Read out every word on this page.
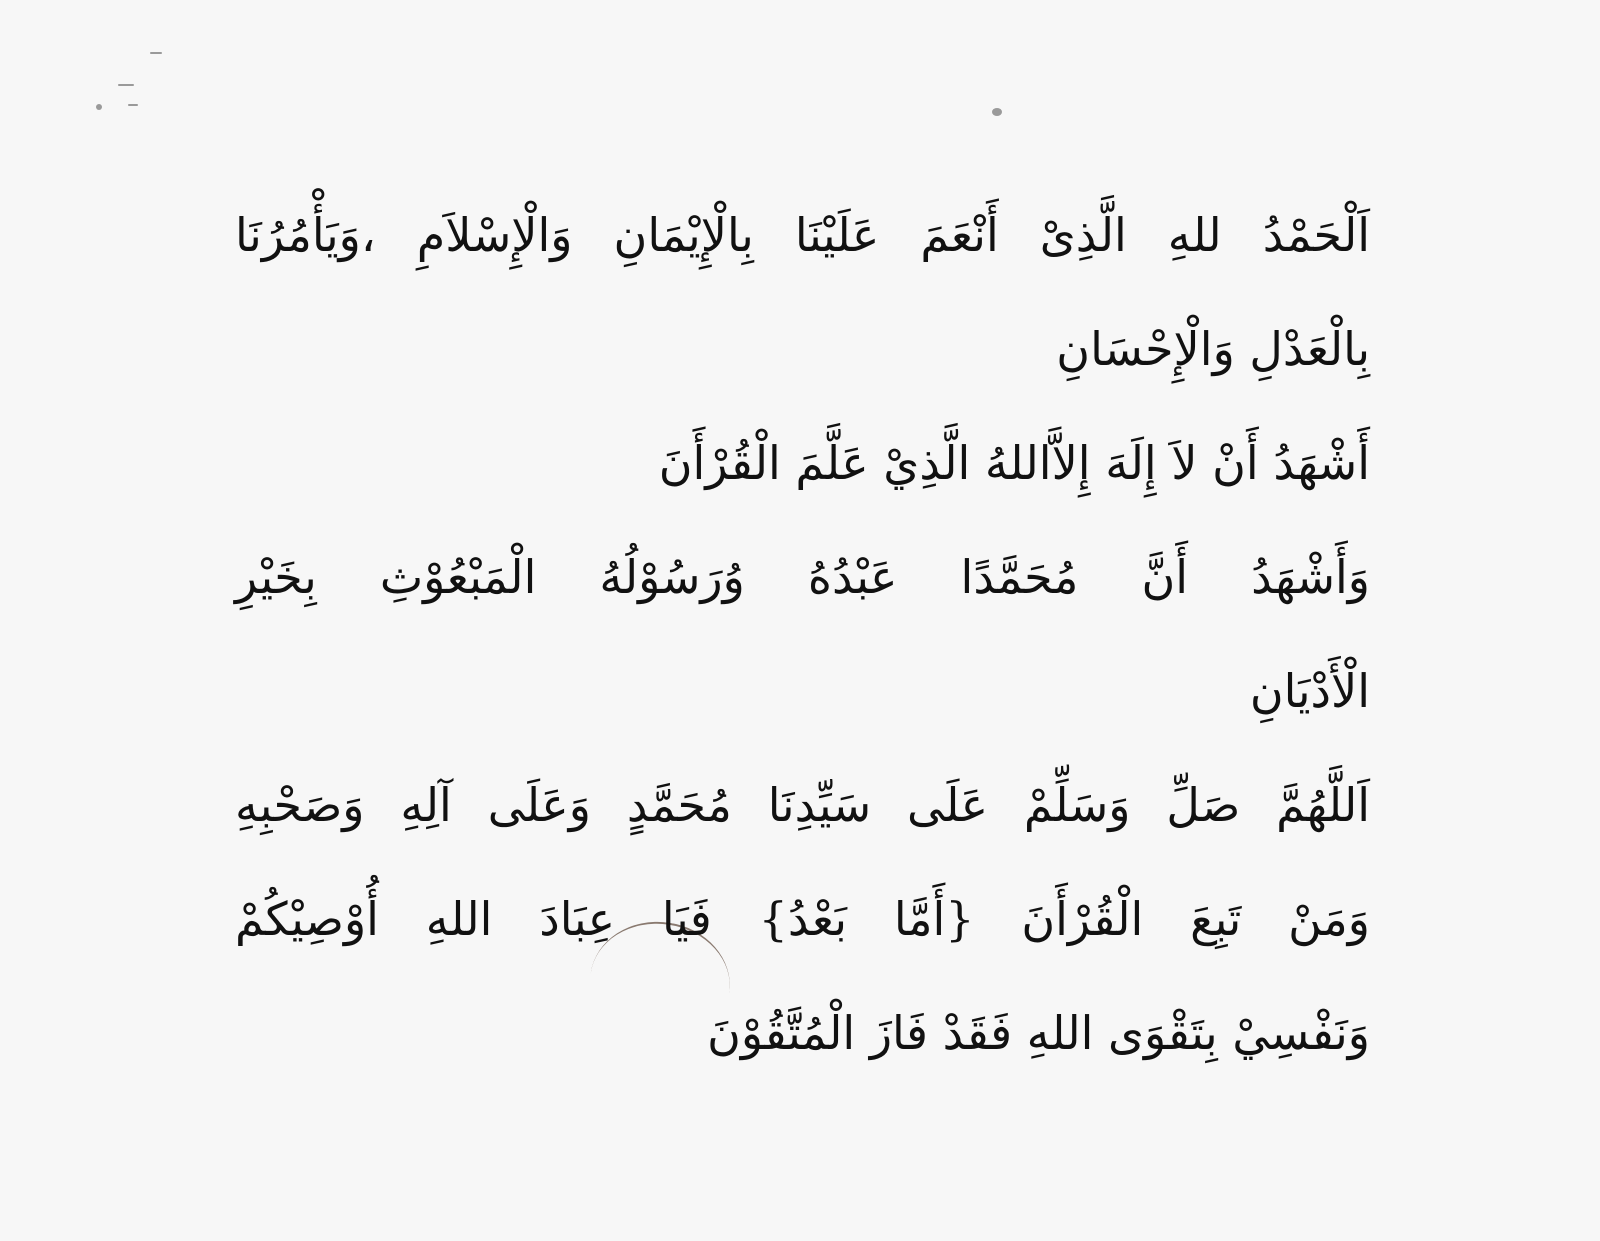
اَلْحَمْدُ للهِ الَّذِىْ أَنْعَمَ عَلَيْنَا بِالْإِيْمَانِ وَالْإِسْلاَمِ ،وَيَأْمُرُنَا
بِالْعَدْلِ وَالْإِحْسَانِ
أَشْهَدُ أَنْ لاَ إِلَهَ إِلاَّاللهُ الَّذِيْ عَلَّمَ الْقُرْأَنَ
وَأَشْهَدُ أَنَّ مُحَمَّدًا عَبْدُهُ وُرَسُوْلُهُ الْمَبْعُوْثِ بِخَيْرِ
الْأَدْيَانِ
اَللَّهُمَّ صَلِّ وَسَلِّمْ عَلَى سَيِّدِنَا مُحَمَّدٍ وَعَلَى آلِهِ وَصَحْبِهِ
وَمَنْ تَبِعَ الْقُرْأَنَ {أَمَّا بَعْدُ} فَيَا عِبَادَ اللهِ أُوْصِيْكُمْ
وَنَفْسِيْ بِتَقْوَى اللهِ فَقَدْ فَازَ الْمُتَّقُوْنَ
